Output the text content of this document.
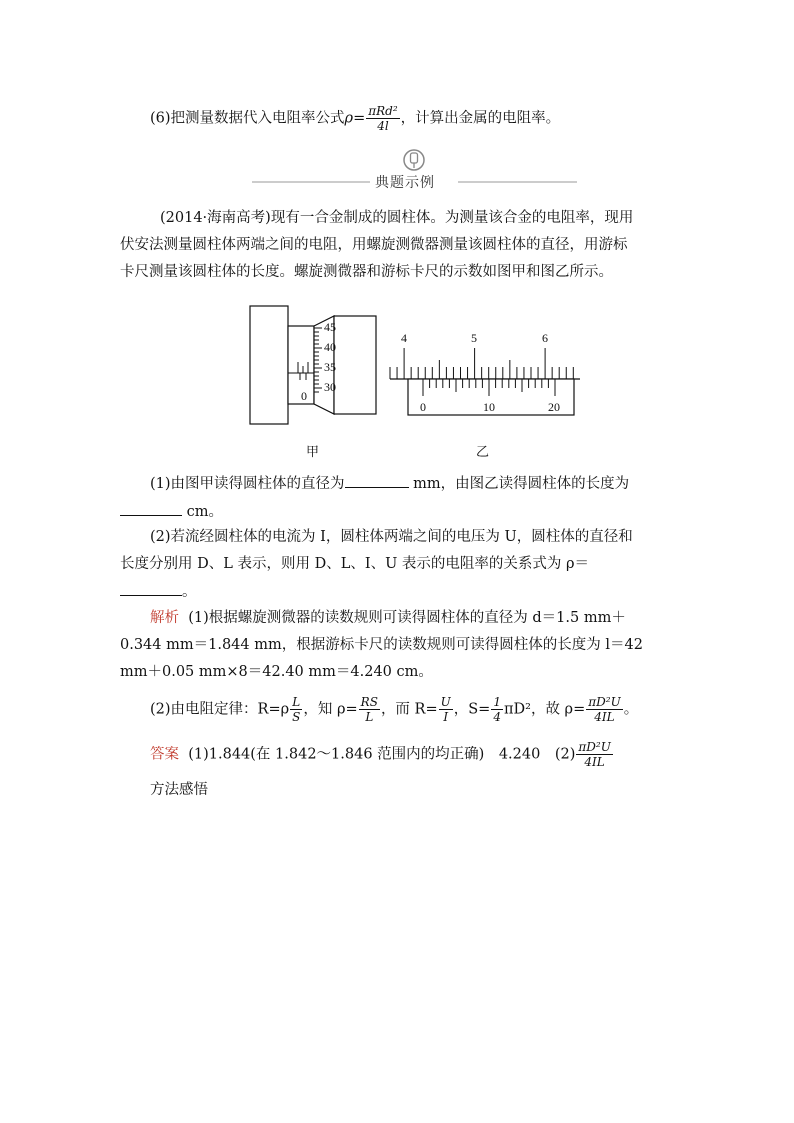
(6)把测量数据代入电阻率公式$\rho= \frac{\text{πRd²}}{4l}$ ，计算出金属的电阻率。
典题示例
(2014·海南高考)现有一合金制成的圆柱体。为测量该合金的电阻率，现用
伏安法测量圆柱体两端之间的电阻，用螺旋测微器测量该圆柱体的直径，用游标
卡尺测量该圆柱体的长度。螺旋测微器和游标卡尺的示数如图甲和图乙所示。
0
45
40
35
30
甲
4	5	6
0	10	20
乙
(1)由图甲读得圆柱体的直径为	mm，由图乙读得圆柱体的长度为
cm。
(2)若流经圆柱体的电流为 I，圆柱体两端之间的电压为 U，圆柱体的直径和
长度分别用 D、L 表示，则用 D、L、I、U 表示的电阻率的关系式为 ρ＝
。
解析 (1)根据螺旋测微器的读数规则可读得圆柱体的直径为 d＝1.5 mm＋
0.344 mm＝1.844 mm，根据游标卡尺的读数规则可读得圆柱体的长度为 l＝42
mm＋0.05 mm×8＝42.40 mm＝4.240 cm。
(2)由电阻定律：$R=\rho \frac{L}{S}$ ，知 $\rho= \frac{RS}{L}$ ，而 $R= \frac{U}{I}$ ，$S= \frac{1}{4} \pi D^2$，故 $\rho= \frac{\text{πD²U}}{4IL}$ 。
答案 (1)1.844(在 1.842～1.846 范围内的均正确)　4.240　$(2) \frac{\text{πD²U}}{4IL}$
方法感悟
